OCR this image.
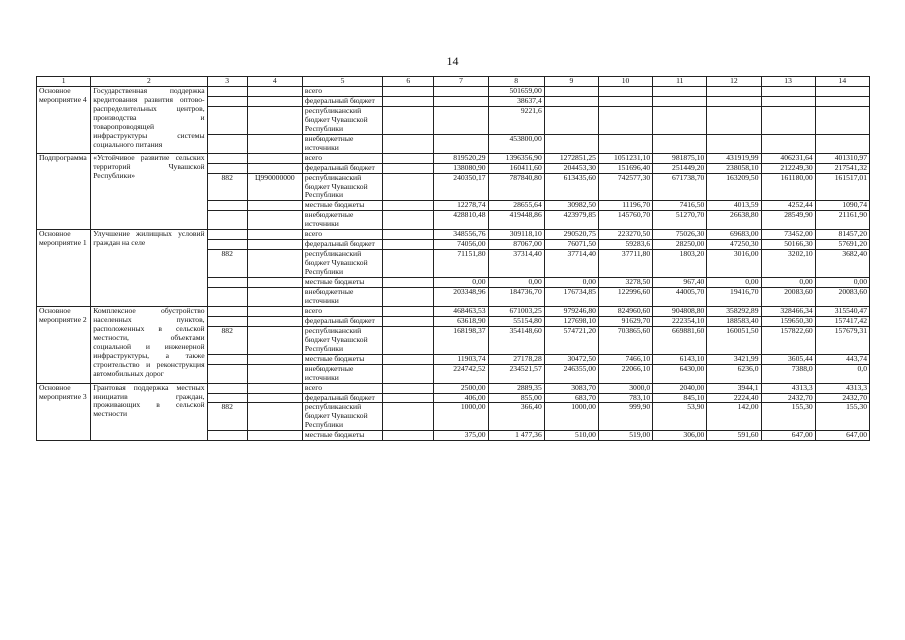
14
1	2	3	4	5	6	7	8	9	10	11	12	13	14
Основное мероприятие 4	Государственная поддержка кредитования развития оптово-распределительных центров, производства и товаропроводящей инфраструктуры системы социального питания			всего			501659,00						
				федеральный бюджет			38637,4						
				республиканский бюджет Чувашской Республики			9221,6						
				внебюджетные источники			453800,00						
Подпрограмма	«Устойчивое развитие сельских территорий Чувашской Республики»			всего		819520,29	1396356,90	1272851,25	1051231,10	981875,10	431919,99	406231,64	401310,97
				федеральный бюджет		138080,90	160411,60	204453,30	151696,40	251449,20	238058,10	212249,30	217541,32
		882	Ц990000000	республиканский бюджет Чувашской Республики		240350,17	787840,80	613435,60	742577,30	671738,70	163209,50	161180,00	161517,01
				местные бюджеты		12278,74	28655,64	30982,50	11196,70	7416,50	4013,59	4252,44	1090,74
				внебюджетные источники		428810,48	419448,86	423979,85	145760,70	51270,70	26638,80	28549,90	21161,90
Основное мероприятие 1	Улучшение жилищных условий граждан на селе			всего		348556,76	309118,10	290520,75	223270,50	75026,30	69683,00	73452,00	81457,20
				федеральный бюджет		74056,00	87067,00	76071,50	59283,6	28250,00	47250,30	50166,30	57691,20
		882		республиканский бюджет Чувашской Республики		71151,80	37314,40	37714,40	37711,80	1803,20	3016,00	3202,10	3682,40
				местные бюджеты		0,00	0,00	0,00	3278,50	967,40	0,00	0,00	0,00
				внебюджетные источники		203348,96	184736,70	176734,85	122996,60	44005,70	19416,70	20083,60	20083,60
Основное мероприятие 2	Комплексное обустройство населенных пунктов, расположенных в сельской местности, объектами социальной и инженерной инфраструктуры, а также строительство и реконструкция автомобильных дорог			всего		468463,53	671003,25	979246,80	824960,60	904808,80	358292,89	328466,34	315540,47
				федеральный бюджет		63618,90	55154,80	127698,10	91629,70	222354,10	188583,40	159650,30	157417,42
		882		республиканский бюджет Чувашской Республики		168198,37	354148,60	574721,20	703865,60	669881,60	160051,50	157822,60	157679,31
				местные бюджеты		11903,74	27178,28	30472,50	7466,10	6143,10	3421,99	3605,44	443,74
				внебюджетные источники		224742,52	234521,57	246355,00	22066,10	6430,00	6236,0	7388,0	0,0
Основное мероприятие 3	Грантовая поддержка местных инициатив граждан, проживающих в сельской местности			всего		2500,00	2889,35	3083,70	3000,0	2040,00	3944,1	4313,3	4313,3
				федеральный бюджет		406,00	855,00	683,70	783,10	845,10	2224,40	2432,70	2432,70
		882		республиканский бюджет Чувашской Республики		1000,00	366,40	1000,00	999,90	53,90	142,00	155,30	155,30
				местные бюджеты		375,00	1 477,36	510,00	519,00	306,00	591,60	647,00	647,00
